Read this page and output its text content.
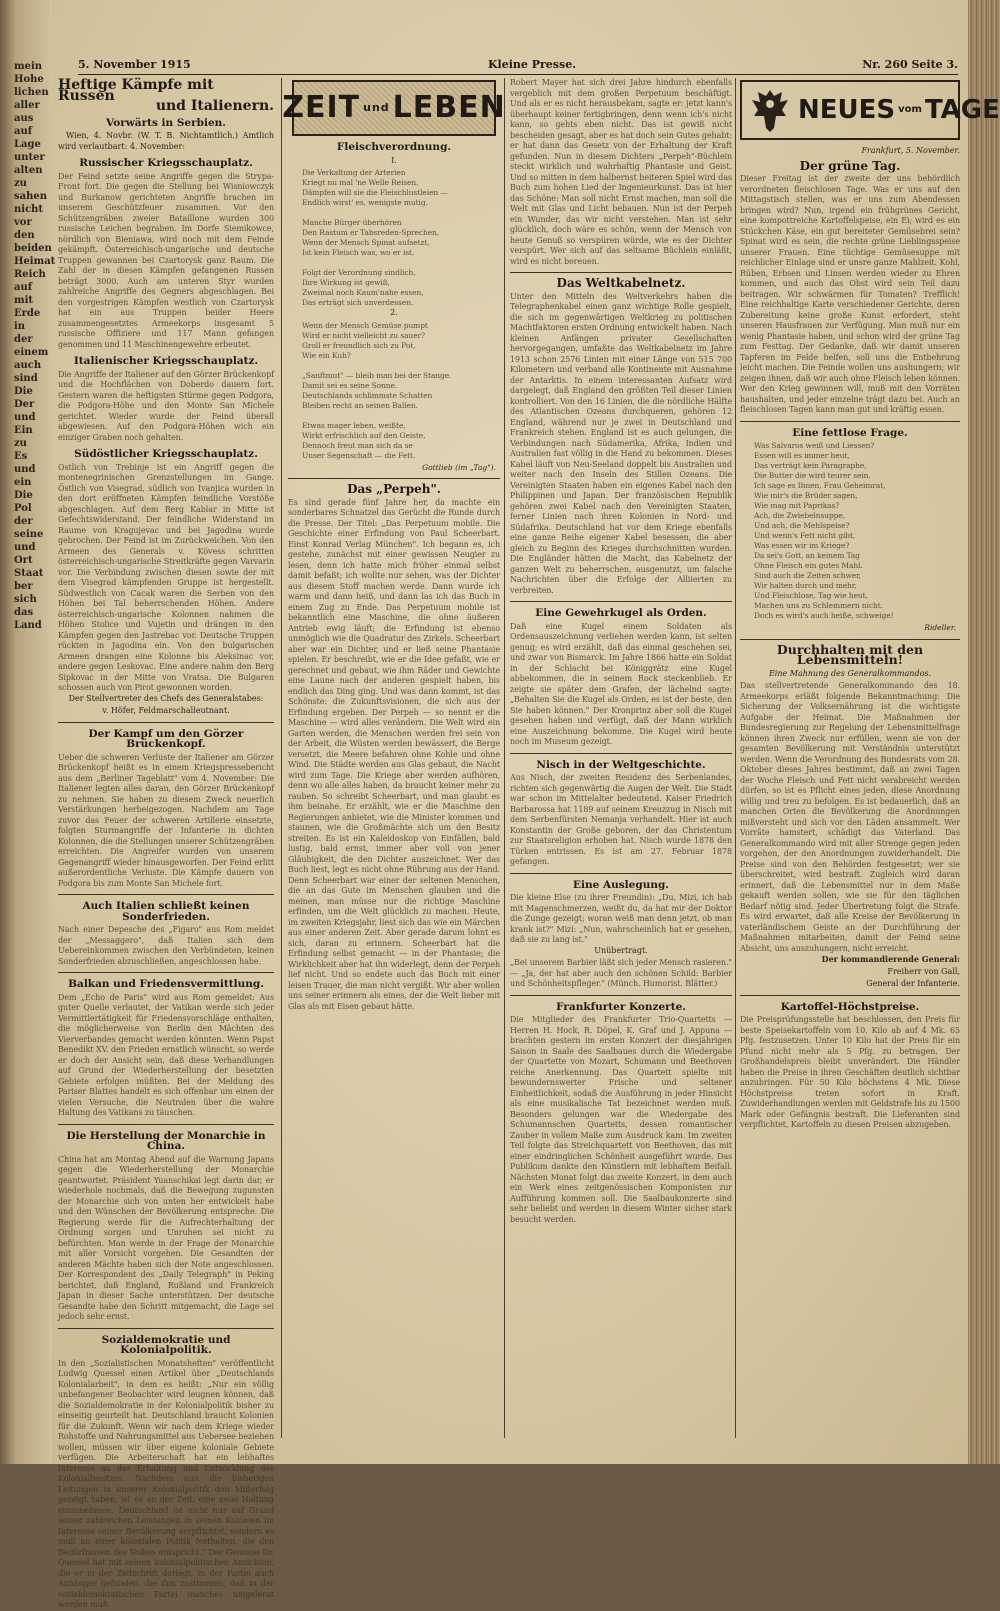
mein
Hohe
lichen
aller
aus
auf
Lage
unter
alten
zu
sahen
nicht
vor
den
beiden
Heimat
Reich
auf
mit
Erde
in
der
einem
auch
sind
Die
Der
und
Ein
zu
Es
und
ein
Die
Pol
der
seine
und
Ort
Staat
ber
sich
das
Land
5. November 1915	Kleine Presse.	Nr. 260 Seite 3.
Heftige Kämpfe mit Russen
und Italienern.
Vorwärts in Serbien.

Wien, 4. Novbr. (W. T. B. Nichtamtlich.) Amtlich wird verlautbart: 4. November:

Russischer Kriegsschauplatz.
Der Feind setzte seine Angriffe gegen die Strypa-Front fort. Die gegen die Stellung bei Wisniowczyk und Burkanow gerichteten Angriffe brachen im unserem Geschützfeuer zusammen. Vor den Schützengräben zweier Bataillone wurden 300 russische Leichen begraben. Im Dorfe Siemikowce, nördlich von Bieniawa, wird noch mit dem Feinde gekämpft. Österreichisch-ungarische und deutsche Truppen gewannen bei Czartorysk ganz Raum. Die Zahl der in diesen Kämpfen gefangenen Russen beträgt 3000. Auch am unteren Styr wurden zahlreiche Angriffe des Gegners abgeschlagen. Bei den vorgestrigen Kämpfen westlich von Czartorysk hat ein aus Truppen beider Heere zusammengesetztes Armeekorps insgesamt 5 russische Offiziere und 117 Mann gefangen genommen und 11 Maschinengewehre erbeutet.
Italienischer Kriegsschauplatz.
Die Angriffe der Italiener auf den Görzer Brückenkopf und die Hochflächen von Doberdo dauern fort. Gestern waren die heftigsten Stürme gegen Podgora, die Podgora-Höhe und den Monte San Michele gerichtet. Wieder wurde der Feind überall abgewiesen. Auf den Podgora-Höhen wich ein einziger Graben noch gehalten.
Südöstlicher Kriegsschauplatz.
Östlich von Trebinje ist ein Angriff gegen die montenegrinischen Grenzstellungen im Gange. Östlich von Visegrad, südlich von Ivanjica wurden in den dort eröffneten Kämpfen feindliche Vorstöße abgeschlagen. Auf dem Berg Kablar in Mitte ist Gefechtswiderstand. Der feindliche Widerstand im Raume von Kragujevac und bei Jagodina wurde gebrochen. Der Feind ist im Zurückweichen. Von den Armeen des Generals v. Kövess schritten österreichisch-ungarische Streitkräfte gegen Varvarin vor. Die Verbindung zwischen diesen sowie der mit dem Visegrad kämpfenden Gruppe ist hergestellt. Südwestlich von Cacak waren die Serben von den Höhen bei Tal beherrschenden Höhen. Andere österreichisch-ungarische Kolonnen nahmen die Höhen Stolice und Vujetin und drängen in den Kämpfen gegen den Jastrebac vor. Deutsche Truppen rückten in Jagodina ein. Von den bulgarischen Armeen drangen eine Kolonne bis Aleksinac vor, andere gegen Leskovac. Eine andere nahm den Berg Sipkovac in der Mitte von Vratsa. Die Bulgaren schossen auch von Pirot gewonnen worden.

Der Stellvertreter des Chefs des Generalstabes:

v. Höfer, Feldmarschalleutnant.

Der Kampf um den Görzer Brückenkopf.
Ueber die schweren Verluste der Italiener am Görzer Brückenkopf heißt es in einem Kriegspressebericht aus dem „Berliner Tageblatt" vom 4. November: Die Italiener legten alles daran, den Görzer Brückenkopf zu nehmen. Sie haben zu diesem Zweck neuerlich Verstärkungen herbeigezogen. Nachdem am Tage zuvor das Feuer der schweren Artillerie einsetzte, folgten Sturmangriffe der Infanterie in dichten Kolonnen, die die Stellungen unserer Schützengräben erreichten. Die Angreifer wurden von unserem Gegenangriff wieder hinausgeworfen. Der Feind erlitt außerordentliche Verluste. Die Kämpfe dauern von Podgora bis zum Monte San Michele fort.
Auch Italien schließt keinen Sonderfrieden.
Nach einer Depesche des „Figaro" aus Rom meldet der „Messaggero", daß Italien sich dem Uebereinkommen zwischen den Verbündeten, keinen Sonderfrieden abzuschließen, angeschlossen habe.
Balkan und Friedensvermittlung.
Dem „Echo de Paris" wird aus Rom gemeldet: Aus guter Quelle verlautet, der Vatikan werde sich jeder Vermittlertätigkeit für Friedensvorschläge enthalten, die möglicherweise von Berlin den Mächten des Vierverbandes gemacht werden könnten. Wenn Papst Benedikt XV. den Frieden ernstlich wünscht, so werde er doch der Ansicht sein, daß diese Verhandlungen auf Grund der Wiederherstellung der besetzten Gebiete erfolgen müßten. Bei der Meldung des Pariser Blattes handelt es sich offenbar um einen der vielen Versuche, die Neutralen über die wahre Haltung des Vatikans zu täuschen.
Die Herstellung der Monarchie in China.
China hat am Montag Abend auf die Warnung Japans gegen die Wiederherstellung der Monarchie geantwortet. Präsident Yuanschikai legt darin dar, er wiederhole nochmals, daß die Bewegung zugunsten der Monarchie sich von unten her entwickelt habe und den Wünschen der Bevölkerung entspreche. Die Regierung werde für die Aufrechterhaltung der Ordnung sorgen und Unruhen sei nicht zu befürchten. Man werde in der Frage der Monarchie mit aller Vorsicht vorgehen. Die Gesandten der anderen Mächte haben sich der Note angeschlossen. Der Korrespondent des „Daily Telegraph" in Peking berichtet, daß England, Rußland und Frankreich Japan in dieser Sache unterstützen. Der deutsche Gesandte habe den Schritt mitgemacht, die Lage sei jedoch sehr ernst.
Sozialdemokratie und Kolonialpolitik.
In den „Sozialistischen Monatsheften" veröffentlicht Ludwig Quessel einen Artikel über „Deutschlands Kolonialarbeit", in dem es heißt: „Nur ein völlig unbefangener Beobachter wird leugnen können, daß die Sozialdemokratie in der Kolonialpolitik bisher zu einseitig geurteilt hat. Deutschland braucht Kolonien für die Zukunft. Wenn wir nach dem Kriege wieder Rohstoffe und Nahrungsmittel aus Uebersee beziehen wollen, müssen wir über eigene koloniale Gebiete verfügen. Die Arbeiterschaft hat ein lebhaftes Interesse an der Erhaltung und Entwicklung des Kolonialbesitzes. Nachdem nun die bisherigen Leitungen in unserer Kolonialpolitik den Mißerfolg gezeigt haben, ist es an der Zeit, eine neue Haltung einzunehmen. Deutschland ist nicht nur auf Grund seiner zahlreichen Leistungen in seinen Kolonien im Interesse seiner Bevölkerung verpflichtet, sondern es muß an einer kolonialen Politik festhalten, die den Bedürfnissen des Volkes entspricht." Der Genosse Dr. Quessel hat mit seinen kolonialpolitischen Ansichten, die er in der Zeitschrift darlegt, in der Partei auch Anhänger gefunden, die ihm zustimmen, daß in der sozialdemokratischen Partei manches umgelernt werden muß.
ZEIT und LEBEN
Fleischverordnung.

I.

Die Verkaltung der Arterien
Kriegt nu mal 'ne Welle Reisen,
Dämpfen will sie die Fleischlustleien —
Endlich wirst' es, wenigste mutig.

Manche Bürger überhören
Den Rastum er Tabsreden-Sprechen,
Wenn der Mensch Spinat aufsetzt,
Ist kein Fleisch was, wo er ist.

Folgt der Verordnung sindlich,
Ihre Wirkung ist gewiß,
Zweimal noch Kaum'nahe essen,
Das erträgt sich unverdessen.

2.

Wenn der Mensch Gemüse pumpt
Wird er nicht vielleicht zu sauer?
Groll er freundlich sich zu Pot,
Wie ein Kuh?

„Sanftmut" — bleib man bei der Stange.
Damit sei es seine Sonne.
Deutschlands schlimmste Schatten
Bleiben recht an seinen Ballen.

Etwas mager leben, weißte,
Wirkt erfrischlich auf den Geiste,
Dennoch freut man sich da se
Unser Segenschaft — die Fett.

Gottlieb (im „Tag").

Das „Perpeh".
Es sind gerade fünf Jahre her, da machte ein sonderbares Schnatzel das Gerücht die Runde durch die Presse. Der Titel: „Das Perpetuum mobile. Die Geschichte einer Erfindung von Paul Scheerbart. Einst Konrad Verlag München". Ich begann es, ich gestehe, zunächst mit einer gewissen Neugier zu lesen, denn ich hatte mich früher einmal selbst damit befaßt; ich wollte nur sehen, was der Dichter aus diesem Stoff machen werde. Dann wurde ich warm und dann heiß, und dann las ich das Buch in einem Zug zu Ende. Das Perpetuum mobile ist bekanntlich eine Maschine, die ohne äußeren Antrieb ewig läuft; die Erfindung ist ebenso unmöglich wie die Quadratur des Zirkels. Scheerbart aber war ein Dichter, und er ließ seine Phantasie spielen. Er beschreibt, wie er die Idee gefaßt, wie er gerechnet und gebaut, wie ihm Räder und Gewichte eine Laune nach der anderen gespielt haben, bis endlich das Ding ging. Und was dann kommt, ist das Schönste: die Zukunftsvisionen, die sich aus der Erfindung ergeben. Der Perpeh — so nennt er die Maschine — wird alles verändern. Die Welt wird ein Garten werden, die Menschen werden frei sein von der Arbeit, die Wüsten werden bewässert, die Berge versetzt, die Meere befahren ohne Kohle und ohne Wind. Die Städte werden aus Glas gebaut, die Nacht wird zum Tage. Die Kriege aber werden aufhören, denn wo alle alles haben, da braucht keiner mehr zu rauben. So schreibt Scheerbart, und man glaubt es ihm beinahe. Er erzählt, wie er die Maschine den Regierungen anbietet, wie die Minister kommen und staunen, wie die Großmächte sich um den Besitz streiten. Es ist ein Kaleidoskop von Einfällen, bald lustig, bald ernst, immer aber voll von jener Gläubigkeit, die den Dichter auszeichnet. Wer das Buch liest, legt es nicht ohne Rührung aus der Hand. Denn Scheerbart war einer der seltenen Menschen, die an das Gute im Menschen glauben und die meinen, man müsse nur die richtige Maschine erfinden, um die Welt glücklich zu machen. Heute, im zweiten Kriegsjahr, liest sich das wie ein Märchen aus einer anderen Zeit. Aber gerade darum lohnt es sich, daran zu erinnern. Scheerbart hat die Erfindung selbst gemacht — in der Phantasie; die Wirklichkeit aber hat ihn widerlegt, denn der Perpeh lief nicht. Und so endete auch das Buch mit einer leisen Trauer, die man nicht vergißt. Wir aber wollen uns seiner erinnern als eines, der die Welt lieber mit Glas als mit Eisen gebaut hätte.
Robert Mayer hat sich drei Jahre hindurch ebenfalls vergeblich mit dem großen Perpetuum beschäftigt. Und als er es nicht herausbekam, sagte er: jetzt kann's überhaupt keiner fertigbringen, denn wenn ich's nicht kann, so gehts eben nicht. Das ist gewiß nicht bescheiden gesagt, aber es hat doch sein Gutes gehabt: er hat dann das Gesetz von der Erhaltung der Kraft gefunden. Nun in diesem Dichters „Perpeh"-Büchlein steckt wirklich und wahrhaftig Phantasie und Geist. Und so mitten in dem halbernst heiteren Spiel wird das Buch zum hohen Lied der Ingenieurkunst. Das ist hier das Schöne: Man soll nicht Ernst machen, man soll die Welt mit Glas und Licht bebauen. Nun ist der Perpeh ein Wunder, das wir nicht verstehen. Man ist sehr glücklich, doch wäre es schön, wenn der Mensch von heute Genuß so verspüren würde, wie es der Dichter verspürt. Wer sich auf das seltsame Büchlein einläßt, wird es nicht bereuen.
Das Weltkabelnetz.
Unter den Mitteln des Weltverkehrs haben die Telegraphenkabel einen ganz wichtige Rolle gespielt, die sich im gegenwärtigen Weltkrieg zu politischen Machtfaktoren ersten Ordnung entwickelt haben. Nach kleinen Anfängen privater Gesellschaften hervorgegangen, umfaßte das Weltkabelnetz im Jahre 1913 schon 2576 Linien mit einer Länge von 515 700 Kilometern und verband alle Kontinente mit Ausnahme der Antarktis. In einem interessanten Aufsatz wird dargelegt, daß England den größten Teil dieser Linien kontrolliert. Von den 16 Linien, die die nördliche Hälfte des Atlantischen Ozeans durchqueren, gehören 12 England, während nur je zwei in Deutschland und Frankreich stehen. England ist es auch gelungen, die Verbindungen nach Südamerika, Afrika, Indien und Australien fast völlig in die Hand zu bekommen. Dieses Kabel läuft von Neu-Seeland doppelt bis Australien und weiter nach den Inseln des Stillen Ozeans. Die Vereinigten Staaten haben ein eigenes Kabel nach den Philippinen und Japan. Der französischen Republik gehören zwei Kabel nach den Vereinigten Staaten, ferner Linien nach ihren Kolonien in Nord- und Südafrika. Deutschland hat vor dem Kriege ebenfalls eine ganze Reihe eigener Kabel besessen, die aber gleich zu Beginn des Krieges durchschnitten wurden. Die Engländer hätten die Macht, das Kabelnetz der ganzen Welt zu beherrschen, ausgenutzt, um falsche Nachrichten über die Erfolge der Alliierten zu verbreiten.
Eine Gewehrkugel als Orden.
Daß eine Kugel einem Soldaten als Ordensauszeichnung verliehen werden kann, ist selten genug; es wird erzählt, daß das einmal geschehen sei, und zwar von Bismarck. Im Jahre 1866 hatte ein Soldat in der Schlacht bei Königgrätz eine Kugel abbekommen, die in seinem Rock steckenblieb. Er zeigte sie später dem Grafen, der lächelnd sagte: „Behalten Sie die Kugel als Orden, es ist der beste, den Sie haben können." Der Kronprinz aber soll die Kugel gesehen haben und verfügt, daß der Mann wirklich eine Auszeichnung bekomme. Die Kugel wird heute noch im Museum gezeigt.
Nisch in der Weltgeschichte.
Aus Nisch, der zweiten Residenz des Serbenlandes, richten sich gegenwärtig die Augen der Welt. Die Stadt war schon im Mittelalter bedeutend. Kaiser Friedrich Barbarossa hat 1189 auf seinem Kreuzzug in Nisch mit dem Serbenfürsten Nemanja verhandelt. Hier ist auch Konstantin der Große geboren, der das Christentum zur Staatsreligion erhoben hat. Nisch wurde 1878 den Türken entrissen. Es ist am 27. Februar 1878 gefangen.
Eine Auslegung.
Die kleine Else (zu ihrer Freundin): „Du, Mizi, ich hab mit Magenschmerzen, weißt du, da hat mir der Doktor die Zunge gezeigt; woran weiß man denn jetzt, ob man krank ist?" Mizi: „Nun, wahrscheinlich hat er gesehen, daß sie zu lang ist."

Unübertragt.

„Bei unserem Barbier läßt sich jeder Mensch rasieren." — „Ja, der hat aber auch den schönen Schild: Barbier und Schönheitspfleger." (Münch. Humorist. Blätter.)
Frankfurter Konzerte.
Die Mitglieder des Frankfurter Trio-Quartetts — Herren H. Hock, R. Döpel, K. Graf und J. Appuna — brachten gestern im ersten Konzert der diesjährigen Saison in Saale des Saalbaues durch die Wiedergabe der Quartette von Mozart, Schumann und Beethoven reiche Anerkennung. Das Quartett spielte mit bewundernswerter Frische und seltener Einheitlichkeit, sodaß die Ausführung in jeder Hinsicht als eine musikalische Tat bezeichnet werden muß. Besonders gelungen war die Wiedergabe des Schumannschen Quartetts, dessen romantischer Zauber in vollem Maße zum Ausdruck kam. Im zweiten Teil folgte das Streichquartett von Beethoven, das mit einer eindringlichen Schönheit ausgeführt wurde. Das Publikum dankte den Künstlern mit lebhaftem Beifall. Nächsten Monat folgt das zweite Konzert, in dem auch ein Werk eines zeitgenössischen Komponisten zur Aufführung kommen soll. Die Saalbaukonzerte sind sehr beliebt und werden in diesem Winter sicher stark besucht werden.
NEUES vom TAGE

Frankfurt, 5. November.

Der grüne Tag.
Dieser Freitag ist der zweite der uns behördlich verordneten fleischlosen Tage. Was er uns auf den Mittagstisch stellen, was er uns zum Abendessen bringen wird? Nun, irgend ein frühgrünes Gericht, eine kompottreiche Kartoffelspeise, ein Ei; wird es ein Stückchen Käse, ein gut bereiteter Gemüsebrei sein? Spinat wird es sein, die rechte grüne Lieblingsspeise unserer Frauen. Eine tüchtige Gemüsesuppe mit reichlicher Einlage sind er unsre ganze Mahlzeit. Kohl, Rüben, Erbsen und Linsen werden wieder zu Ehren kommen, und auch das Obst wird sein Teil dazu beitragen. Wir schwärmen für Tomaten? Trefflich! Eine reichhaltige Karte verschiedener Gerichte, deren Zubereitung keine große Kunst erfordert, steht unseren Hausfrauen zur Verfügung. Man muß nur ein wenig Phantasie haben, und schon wird der grüne Tag zum Festtag. Der Gedanke, daß wir damit unseren Tapferen im Felde helfen, soll uns die Entbehrung leicht machen. Die Feinde wollen uns aushungern; wir zeigen ihnen, daß wir auch ohne Fleisch leben können. Wer den Krieg gewinnen will, muß mit den Vorräten haushalten, und jeder einzelne trägt dazu bei. Auch an fleischlosen Tagen kann man gut und kräftig essen.
Eine fettlose Frage.
Was Salvaros weiß und Liessen?
Essen will es immer heut,
Das verträgt kein Paragraphe,
Die Butter die wird teurer sein.
Ich sage es Ihnen, Frau Geheimrat,
Wie mir's die Brüder sagen,
Wie mag mit Paprikas?
Ach, die Zwiebelnsuppe,
Und ach, die Mehlspeise?
Und wenn's Fett nicht gibt,
Was essen wir im Kriege?
Da sei's Gott, an keinem Tag
Ohne Fleisch ein gutes Mahl.
Sind auch die Zeiten schwer,
Wir halten durch und mehr,
Und Fleischlose, Tag wie heut,
Machen uns zu Schlemmern nicht.
Doch es wird's auch heiße, schweige!

Rideller.

Durchhalten mit den Lebensmitteln!

Eine Mahnung des Generalkommandos.

Das stellvertretende Generalkommando des 18. Armeekorps erläßt folgende Bekanntmachung: Die Sicherung der Volksernährung ist die wichtigste Aufgabe der Heimat. Die Maßnahmen der Bundesregierung zur Regelung der Lebensmittelfrage können ihren Zweck nur erfüllen, wenn sie von der gesamten Bevölkerung mit Verständnis unterstützt werden. Wenn die Verordnung des Bundesrats vom 28. Oktober dieses Jahres bestimmt, daß an zwei Tagen der Woche Fleisch und Fett nicht verabreicht werden dürfen, so ist es Pflicht eines jeden, diese Anordnung willig und treu zu befolgen. Es ist bedauerlich, daß an manchen Orten die Bevölkerung die Anordnungen mißversteht und sich vor den Läden ansammelt. Wer Vorräte hamstert, schädigt das Vaterland. Das Generalkommando wird mit aller Strenge gegen jeden vorgehen, der den Anordnungen zuwiderhandelt. Die Preise sind von den Behörden festgesetzt; wer sie überschreitet, wird bestraft. Zugleich wird daran erinnert, daß die Lebensmittel nur in dem Maße gekauft werden sollen, wie sie für den täglichen Bedarf nötig sind. Jeder Übertretung folgt die Strafe. Es wird erwartet, daß alle Kreise der Bevölkerung in vaterländischem Geiste an der Durchführung der Maßnahmen mitarbeiten, damit der Feind seine Absicht, uns auszuhungern, nicht erreicht.

Der kommandierende General:

Freiherr von Gall,

General der Infanterie.

Kartoffel-Höchstpreise.
Die Preisprüfungsstelle hat beschlossen, den Preis für beste Speisekartoffeln vom 10. Kilo ab auf 4 Mk. 65 Pfg. festzusetzen. Unter 10 Kilo hat der Preis für ein Pfund nicht mehr als 5 Pfg. zu betragen. Der Großhandelspreis bleibt unverändert. Die Händler haben die Preise in ihren Geschäften deutlich sichtbar anzubringen. Für 50 Kilo höchstens 4 Mk. Diese Höchstpreise treten sofort in Kraft. Zuwiderhandlungen werden mit Geldstrafe bis zu 1500 Mark oder Gefängnis bestraft. Die Lieferanten sind verpflichtet, Kartoffeln zu diesen Preisen abzugeben.
